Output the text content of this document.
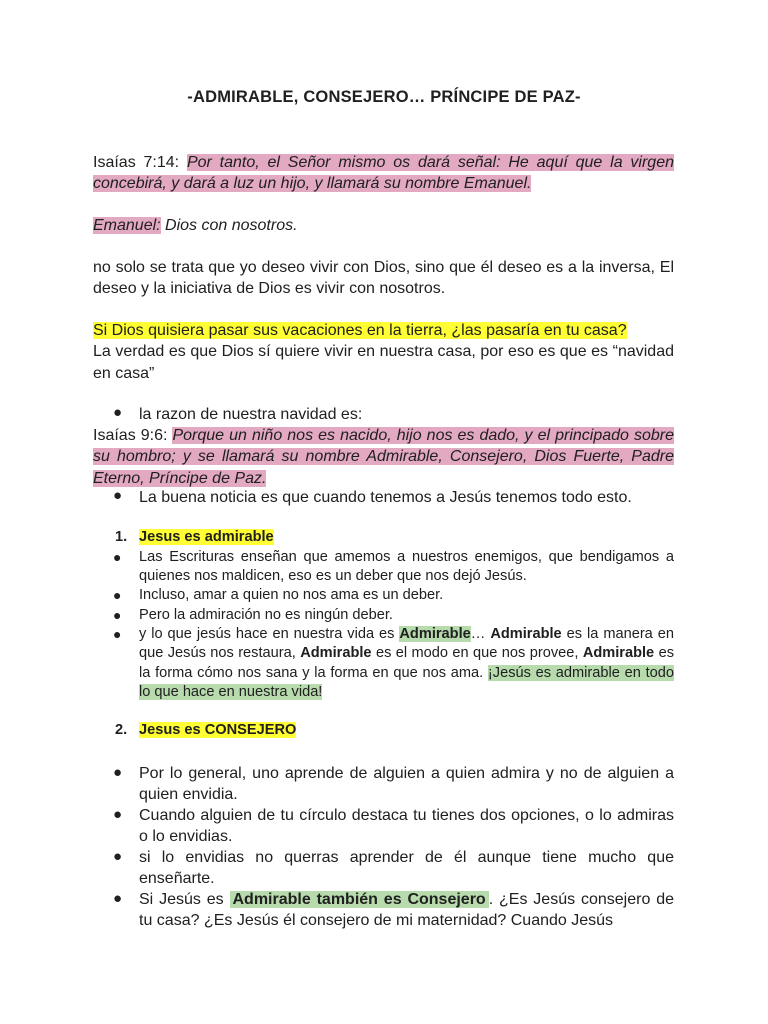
-ADMIRABLE, CONSEJERO… PRÍNCIPE DE PAZ-
Isaías 7:14: Por tanto, el Señor mismo os dará señal: He aquí que la virgen concebirá, y dará a luz un hijo, y llamará su nombre Emanuel.
Emanuel: Dios con nosotros.
no solo se trata que yo deseo vivir con Dios, sino que él deseo es a la inversa, El deseo y la iniciativa de Dios es vivir con nosotros.
Si Dios quisiera pasar sus vacaciones en la tierra, ¿las pasaría en tu casa?
La verdad es que Dios sí quiere vivir en nuestra casa, por eso es que es “navidad en casa”
● la razon de nuestra navidad es:
Isaías 9:6: Porque un niño nos es nacido, hijo nos es dado, y el principado sobre su hombro; y se llamará su nombre Admirable, Consejero, Dios Fuerte, Padre Eterno, Príncipe de Paz.
● La buena noticia es que cuando tenemos a Jesús tenemos todo esto.
1. Jesus es admirable
● Las Escrituras enseñan que amemos a nuestros enemigos, que bendigamos a quienes nos maldicen, eso es un deber que nos dejó Jesús.
● Incluso, amar a quien no nos ama es un deber.
● Pero la admiración no es ningún deber.
● y lo que jesús hace en nuestra vida es Admirable… Admirable es la manera en que Jesús nos restaura, Admirable es el modo en que nos provee, Admirable es la forma cómo nos sana y la forma en que nos ama. ¡Jesús es admirable en todo lo que hace en nuestra vida!
2. Jesus es CONSEJERO
● Por lo general, uno aprende de alguien a quien admira y no de alguien a quien envidia.
● Cuando alguien de tu círculo destaca tu tienes dos opciones, o lo admiras o lo envidias.
● si lo envidias no querras aprender de él aunque tiene mucho que enseñarte.
● Si Jesús es Admirable también es Consejero . ¿Es Jesús consejero de tu casa? ¿Es Jesús él consejero de mi maternidad? Cuando Jesús
